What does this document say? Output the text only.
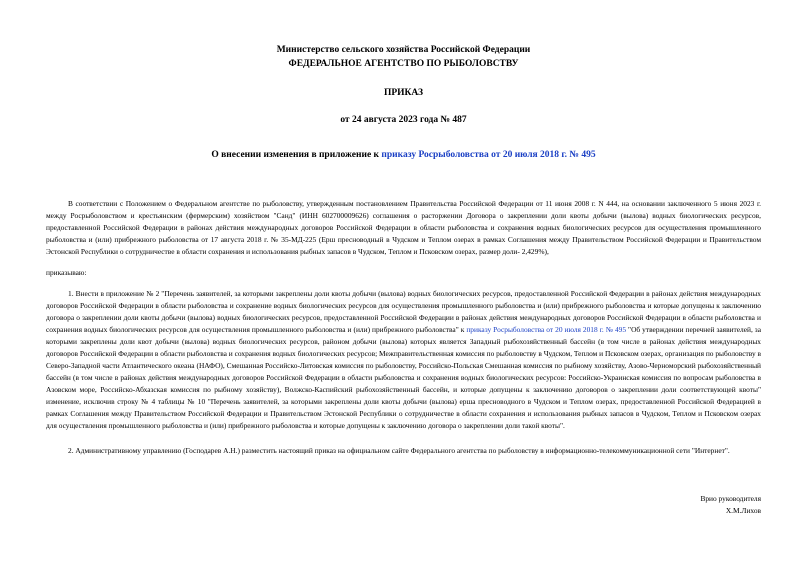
Министерство сельского хозяйства Российской Федерации
ФЕДЕРАЛЬНОЕ АГЕНТСТВО ПО РЫБОЛОВСТВУ
ПРИКАЗ
от 24 августа 2023 года № 487
О внесении изменения в приложение к приказу Росрыболовства от 20 июля 2018 г. № 495

В соответствии с Положением о Федеральном агентстве по рыболовству, утвержденным постановлением Правительства Российской Федерации от 11 июня 2008 г. N 444, на основании заключенного 5 июня 2023 г. между Росрыболовством и крестьянским (фермерским) хозяйством "Санд" (ИНН 602700009626) соглашения о расторжении Договора о закреплении доли квоты добычи (вылова) водных биологических ресурсов, предоставленной Российской Федерации в районах действия международных договоров Российской Федерации в области рыболовства и сохранения водных биологических ресурсов для осуществления промышленного рыболовства и (или) прибрежного рыболовства от 17 августа 2018 г. № 35-МД-225 (Ерш пресноводный в Чудском и Теплом озерах в рамках Соглашения между Правительством Российской Федерации и Правительством Эстонской Республики о сотрудничестве в области сохранения и использования рыбных запасов в Чудском, Теплом и Псковском озерах, размер доли- 2,429%),

приказываю:

1. Внести в приложение № 2 "Перечень заявителей, за которыми закреплены доли квоты добычи (вылова) водных биологических ресурсов, предоставленной Российской Федерации в районах действия международных договоров Российской Федерации в области рыболовства и сохранение водных биологических ресурсов для осуществления промышленного рыболовства и (или) прибрежного рыболовства и которые допущены к заключению договора о закреплении доли квоты добычи (вылова) водных биологических ресурсов, предоставленной Российской Федерации в районах действия международных договоров Российской Федерации в области рыболовства и сохранения водных биологических ресурсов для осуществления промышленного рыболовства и (или) прибрежного рыболовства" к приказу Росрыболовства от 20 июля 2018 г. № 495 "Об утверждении перечней заявителей, за которыми закреплены доли квот добычи (вылова) водных биологических ресурсов, районом добычи (вылова) которых является Западный рыбохозяйственный бассейн (в том числе в районах действия международных договоров Российской Федерации в области рыболовства и сохранения водных биологических ресурсов; Межправительственная комиссия по рыболовству в Чудском, Теплом и Псковском озерах, организация по рыболовству в Северо-Западной части Атлантического океана (НАФО), Смешанная Российско-Литовская комиссия по рыболовству, Российско-Польская Смешанная комиссия по рыбному хозяйству, Азово-Черноморский рыбохозяйственный бассейн (в том числе в районах действия международных договоров Российской Федерации в области рыболовства и сохранения водных биологических ресурсов: Российско-Украинская комиссия по вопросам рыболовства в Азовском море, Российско-Абхазская комиссия по рыбному хозяйству), Волжско-Каспийский рыбохозяйственный бассейн, и которые допущены к заключению договоров о закреплении доли соответствующей квоты" изменение, исключив строку № 4 таблицы № 10 "Перечень заявителей, за которыми закреплены доли квоты добычи (вылова) ерша пресноводного в Чудском и Теплом озерах, предоставленной Российской Федерацией в рамках Соглашения между Правительством Российской Федерации и Правительством Эстонской Республики о сотрудничестве в области сохранения и использования рыбных запасов в Чудском, Теплом и Псковском озерах для осуществления промышленного рыболовства и (или) прибрежного рыболовства и которые допущены к заключению договора о закреплении доли такой квоты".

2. Административному управлению (Господарев А.Н.) разместить настоящий приказ на официальном сайте Федерального агентства по рыболовству в информационно-телекоммуникационной сети "Интернет".

Врио руководителя
Х.М.Лихов
